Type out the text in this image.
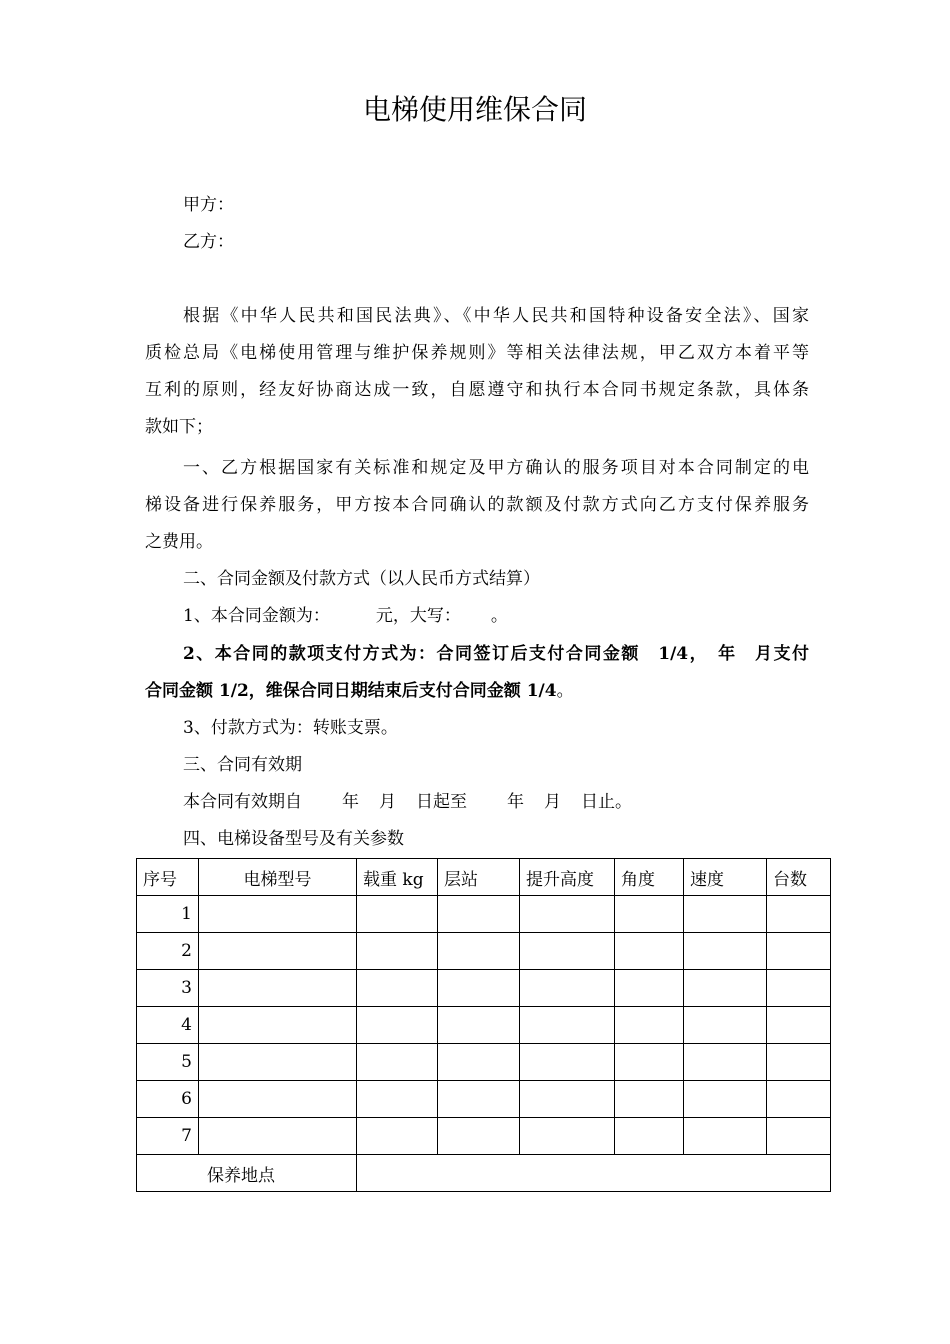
电梯使用维保合同
甲方：
乙方：
根据《中华人民共和国民法典》、《中华人民共和国特种设备安全法》、国家
质检总局《电梯使用管理与维护保养规则》等相关法律法规，甲乙双方本着平等
互利的原则，经友好协商达成一致，自愿遵守和执行本合同书规定条款，具体条
款如下；
一、乙方根据国家有关标准和规定及甲方确认的服务项目对本合同制定的电
梯设备进行保养服务，甲方按本合同确认的款额及付款方式向乙方支付保养服务
之费用。
二、合同金额及付款方式（以人民币方式结算）
1、本合同金额为：	元，大写： 。
2、本合同的款项支付方式为：合同签订后支付合同金额　1/4，　年　月支付
合同金额 1/2，维保合同日期结束后支付合同金额 1/4。
3、付款方式为：转账支票。
三、合同有效期
本合同有效期自 年 月 日起至 年 月 日止。
四、电梯设备型号及有关参数
序号	电梯型号	载重 kg	层站	提升高度	角度	速度	台数
1							
2							
3							
4							
5							
6							
7							
保养地点							
